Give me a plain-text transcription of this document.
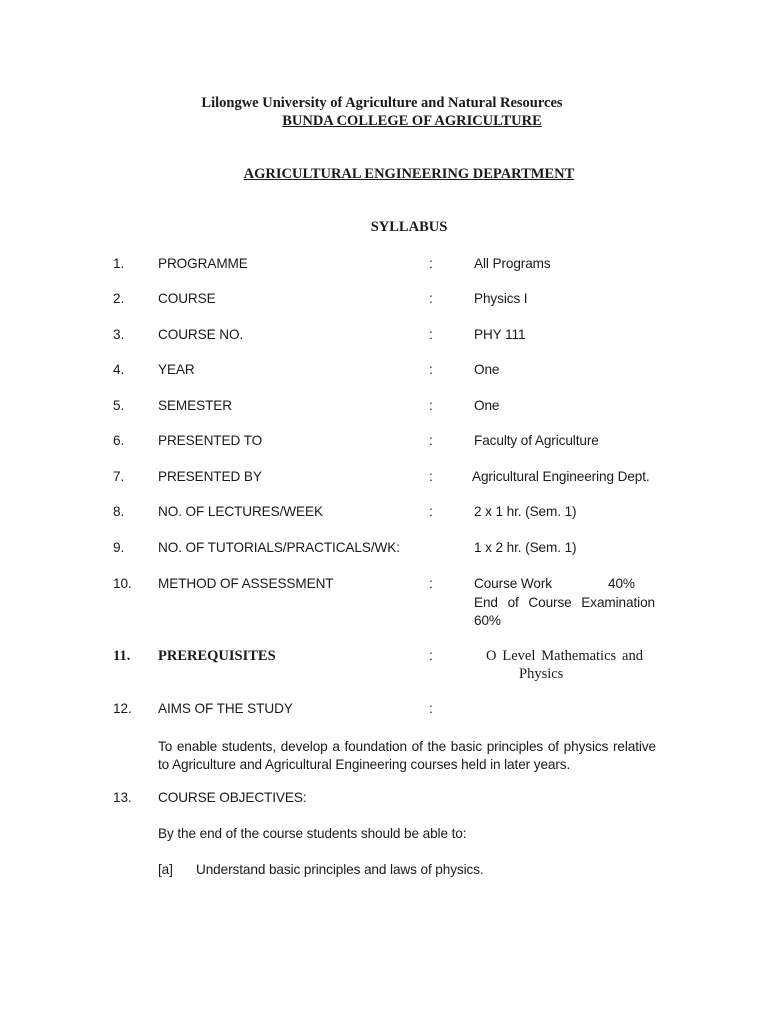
Lilongwe University of Agriculture and Natural Resources
BUNDA COLLEGE OF AGRICULTURE
AGRICULTURAL ENGINEERING DEPARTMENT
SYLLABUS
1. PROGRAMME	:	All Programs
2. COURSE	:	Physics I
3. COURSE NO.	:	PHY 111
4. YEAR	:	One
5. SEMESTER	:	One
6. PRESENTED TO	:	Faculty of Agriculture
7. PRESENTED BY	:	Agricultural Engineering Dept.
8. NO. OF LECTURES/WEEK	:	2 x 1 hr. (Sem. 1)
9. NO. OF TUTORIALS/PRACTICALS/WK:	1 x 2 hr. (Sem. 1)
10. METHOD OF ASSESSMENT	:	Course Work	40%
End of Course Examination
60%
11. PREREQUISITES	:	O Level Mathematics and
Physics
12. AIMS OF THE STUDY	:
To enable students, develop a foundation of the basic principles of physics relative to Agriculture and Agricultural Engineering courses held in later years.
13. COURSE OBJECTIVES:
By the end of the course students should be able to:
[a] Understand basic principles and laws of physics.
